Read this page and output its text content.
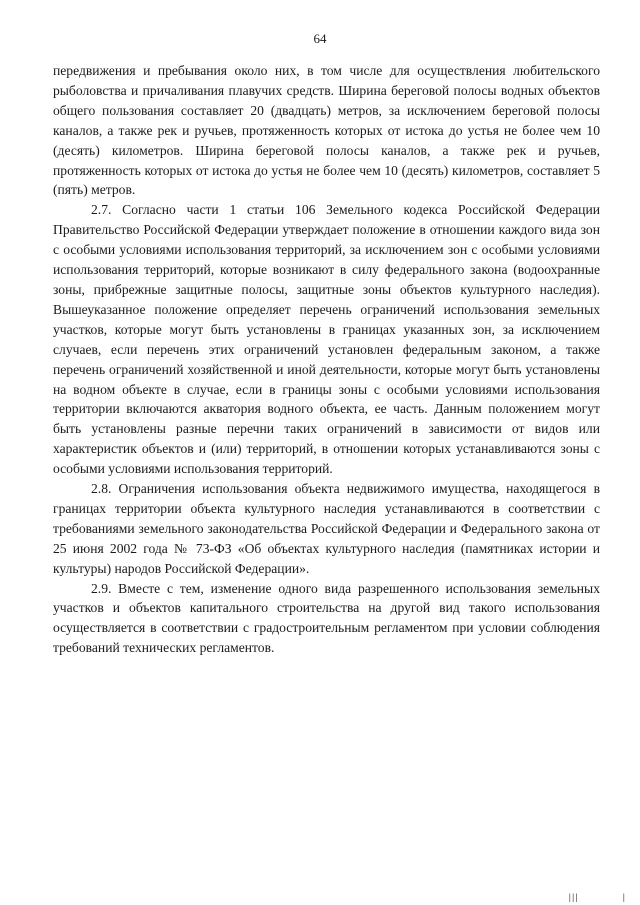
64

передвижения и пребывания около них, в том числе для осуществления любительского рыболовства и причаливания плавучих средств. Ширина береговой полосы водных объектов общего пользования составляет 20 (двадцать) метров, за исключением береговой полосы каналов, а также рек и ручьев, протяженность которых от истока до устья не более чем 10 (десять) километров. Ширина береговой полосы каналов, а также рек и ручьев, протяженность которых от истока до устья не более чем 10 (десять) километров, составляет 5 (пять) метров.

2.7. Согласно части 1 статьи 106 Земельного кодекса Российской Федерации Правительство Российской Федерации утверждает положение в отношении каждого вида зон с особыми условиями использования территорий, за исключением зон с особыми условиями использования территорий, которые возникают в силу федерального закона (водоохранные зоны, прибрежные защитные полосы, защитные зоны объектов культурного наследия). Вышеуказанное положение определяет перечень ограничений использования земельных участков, которые могут быть установлены в границах указанных зон, за исключением случаев, если перечень этих ограничений установлен федеральным законом, а также перечень ограничений хозяйственной и иной деятельности, которые могут быть установлены на водном объекте в случае, если в границы зоны с особыми условиями использования территории включаются акватория водного объекта, ее часть. Данным положением могут быть установлены разные перечни таких ограничений в зависимости от видов или характеристик объектов и (или) территорий, в отношении которых устанавливаются зоны с особыми условиями использования территорий.

2.8. Ограничения использования объекта недвижимого имущества, находящегося в границах территории объекта культурного наследия устанавливаются в соответствии с требованиями земельного законодательства Российской Федерации и Федерального закона от 25 июня 2002 года № 73-ФЗ «Об объектах культурного наследия (памятниках истории и культуры) народов Российской Федерации».

2.9. Вместе с тем, изменение одного вида разрешенного использования земельных участков и объектов капитального строительства на другой вид такого использования осуществляется в соответствии с градостроительным регламентом при условии соблюдения требований технических регламентов.

|||	|
